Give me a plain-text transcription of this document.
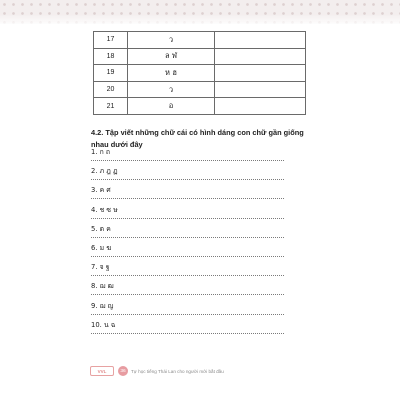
17	ว	
18	ล ฬ	
19	ห ฮ	
20	ว	
21	อ	
4.2. Tập viết những chữ cái có hình dáng con chữ gần giống nhau dưới đây
1. ก ถ
2. ภ ฎ ฏ
3. ค ศ
4. ช ซ ษ
5. ต ค
6. ม ฆ
7. จ ฐ
8. ฌ ฒ
9. ฌ ญ
10. น ฉ
VVL	36	Tự học tiếng Thái Lan cho người mới bắt đầu
